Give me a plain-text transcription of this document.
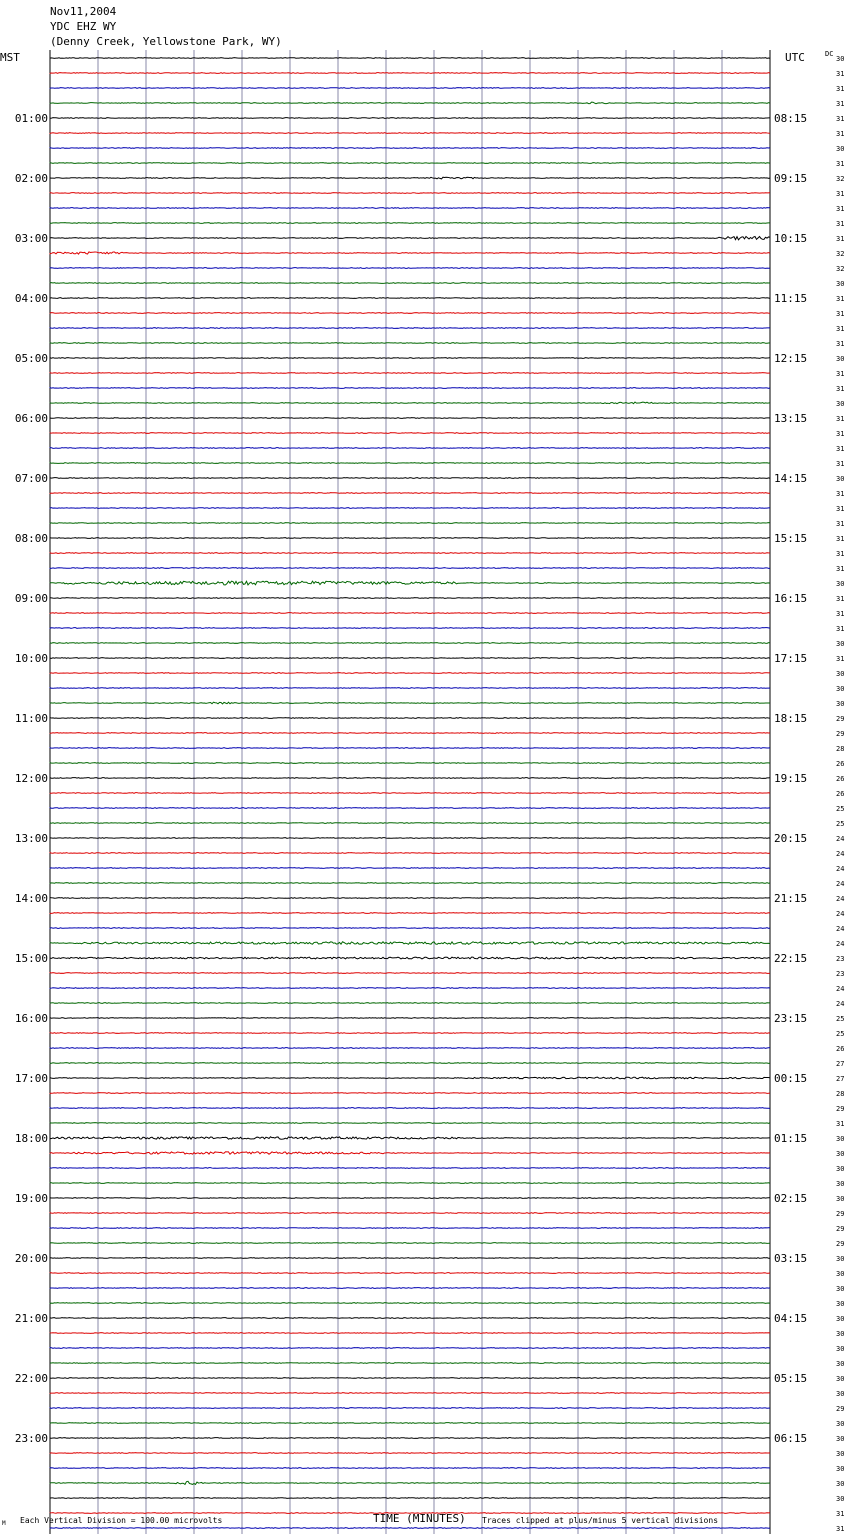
Nov11,2004
YDC EHZ WY
(Denny Creek, Yellowstone Park, WY)
30
31
31
31
31
01:00	08:15
31
30
31
32
02:00	09:15
31
31
31
31
03:00	10:15
32
32
30
31
04:00	11:15
31
31
31
30
05:00	12:15
31
31
30
31
06:00	13:15
31
31
31
30
07:00	14:15
31
31
31
31
08:00	15:15
31
31
30
31
09:00	16:15
31
31
30
31
10:00	17:15
30
30
30
29
11:00	18:15
29
28
26
26
12:00	19:15
26
25
25
24
13:00	20:15
24
24
24
24
14:00	21:15
24
24
24
23
15:00	22:15
23
24
24
25
16:00	23:15
25
26
27
27
17:00	00:15
28
29
31
30
18:00	01:15
30
30
30
30
19:00	02:15
29
29
29
30
20:00	03:15
30
30
30
30
21:00	04:15
30
30
30
30
22:00	05:15
30
29
30
30
23:00	06:15
30
30
30
30
31
31
MST	UTC	DC
M Each Vertical Division = 100.00 microvolts	TIME (MINUTES) Traces clipped at plus/minus 5 vertical divisions
